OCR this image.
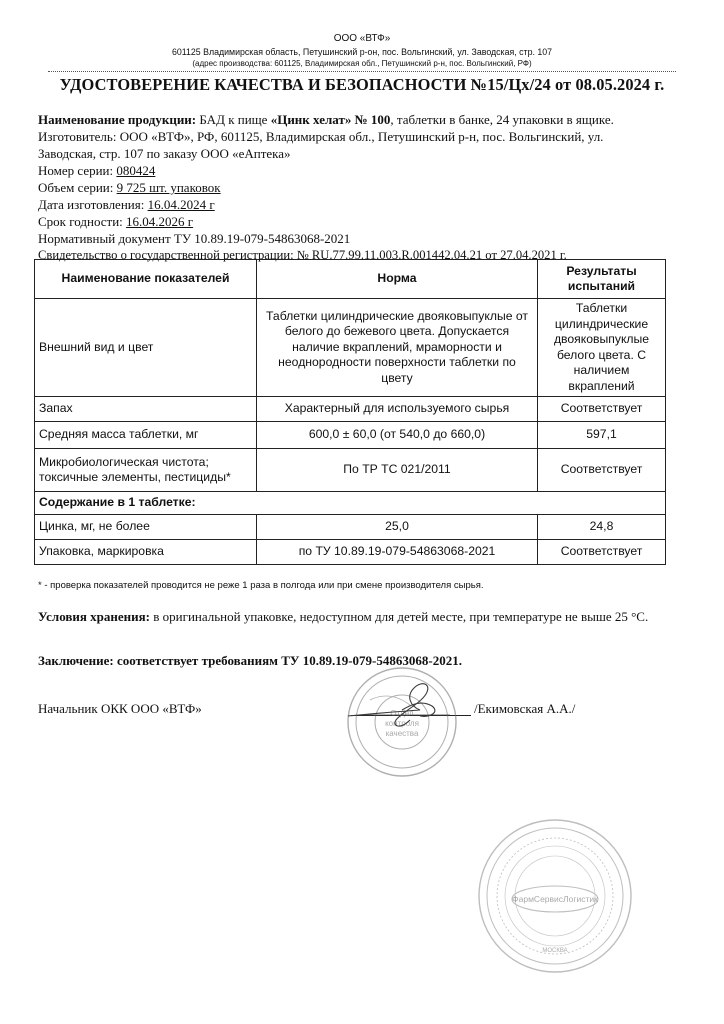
ООО «ВТФ»
601125 Владимирская область, Петушинский р-он, пос. Вольгинский, ул. Заводская, стр. 107
(адрес производства: 601125, Владимирская обл., Петушинский р-н, пос. Вольгинский, РФ)
УДОСТОВЕРЕНИЕ КАЧЕСТВА И БЕЗОПАСНОСТИ №15/Цх/24 от 08.05.2024 г.
Наименование продукции: БАД к пище «Цинк хелат» № 100, таблетки в банке, 24 упаковки в ящике.
Изготовитель: ООО «ВТФ», РФ, 601125, Владимирская обл., Петушинский р-н, пос. Вольгинский, ул.
Заводская, стр. 107 по заказу ООО «еАптека»
Номер серии: 080424
Объем серии: 9 725 шт. упаковок
Дата изготовления: 16.04.2024 г
Срок годности: 16.04.2026 г
Нормативный документ ТУ 10.89.19-079-54863068-2021
Свидетельство о государственной регистрации: № RU.77.99.11.003.R.001442.04.21 от 27.04.2021 г.
Наименование показателей	Норма	Результаты испытаний
Внешний вид и цвет	Таблетки цилиндрические двояковыпуклые от белого до бежевого цвета. Допускается наличие вкраплений, мраморности и неоднородности поверхности таблетки по цвету	Таблетки цилиндрические двояковыпуклые белого цвета. С наличием вкраплений
Запах	Характерный для используемого сырья	Соответствует
Средняя масса таблетки, мг	600,0 ± 60,0 (от 540,0 до 660,0)	597,1
Микробиологическая чистота; токсичные элементы, пестициды*	По ТР ТС 021/2011	Соответствует
Содержание в 1 таблетке:		
Цинка, мг, не более	25,0	24,8
Упаковка, маркировка	по ТУ 10.89.19-079-54863068-2021	Соответствует
* - проверка показателей проводится не реже 1 раза в полгода или при смене производителя сырья.
Условия хранения: в оригинальной упаковке, недоступном для детей месте, при температуре не выше 25 °С.
Заключение: соответствует требованиям ТУ 10.89.19-079-54863068-2021.
Начальник ОКК ООО «ВТФ»	/Екимовская А.А./
Отдел
контроля
качества
ФармСервисЛогистик
МОСКВА
